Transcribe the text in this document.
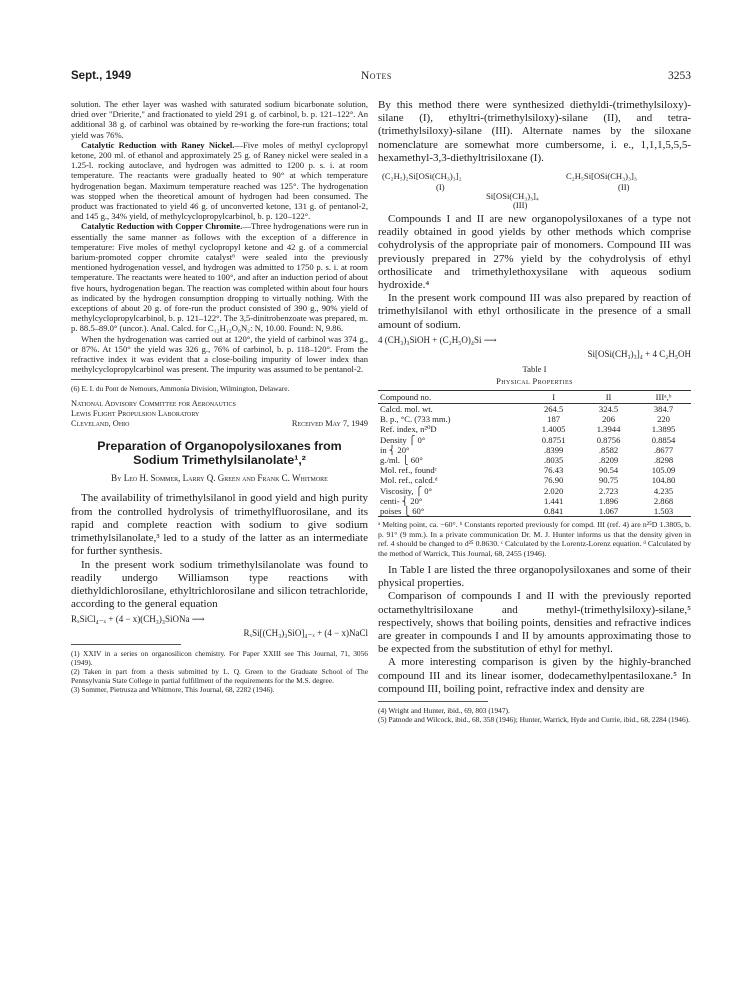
Sept., 1949	Notes	3253

solution. The ether layer was washed with saturated sodium bicarbonate solution, dried over "Drierite," and fractionated to yield 291 g. of carbinol, b. p. 121–122°. An additional 38 g. of carbinol was obtained by re-working the fore-run fractions; total yield was 76%.

Catalytic Reduction with Raney Nickel.—Five moles of methyl cyclopropyl ketone, 200 ml. of ethanol and approximately 25 g. of Raney nickel were sealed in a 1.25-l. rocking autoclave, and hydrogen was admitted to 1200 p. s. i. at room temperature. The reactants were gradually heated to 90° at which temperature hydrogenation began. Maximum temperature reached was 125°. The hydrogenation was stopped when the theoretical amount of hydrogen had been consumed. The product was fractionated to yield 46 g. of unconverted ketone, 131 g. of pentanol-2, and 145 g., 34% yield, of methylcyclopropylcarbinol, b. p. 120–122°.

Catalytic Reduction with Copper Chromite.—Three hydrogenations were run in essentially the same manner as follows with the exception of a difference in temperature: Five moles of methyl cyclopropyl ketone and 42 g. of a commercial barium-promoted copper chromite catalyst⁶ were sealed into the previously mentioned hydrogenation vessel, and hydrogen was admitted to 1750 p. s. i. at room temperature. The reactants were heated to 100°, and after an induction period of about five hours, hydrogenation began. The reaction was completed within about four hours as indicated by the hydrogen consumption dropping to virtually nothing. With the exceptions of about 20 g. of fore-run the product consisted of 390 g., 90% yield of methylcyclopropylcarbinol, b. p. 121–122°. The 3,5-dinitrobenzoate was prepared, m. p. 88.5–89.0° (uncor.). Anal. Calcd. for C₁₂H₁₂O₆N₂: N, 10.00. Found: N, 9.86.

When the hydrogenation was carried out at 120°, the yield of carbinol was 374 g., or 87%. At 150° the yield was 326 g., 76% of carbinol, b. p. 118–120°. From the refractive index it was evident that a close-boiling impurity of lower index than methylcyclopropylcarbinol was present. The impurity was assumed to be pentanol-2.

(6) E. I. du Pont de Nemours, Ammonia Division, Wilmington, Delaware.

National Advisory Committee for Aeronautics

Lewis Flight Propulsion Laboratory

Cleveland, Ohio	Received May 7, 1949
Preparation of Organopolysiloxanes from Sodium Trimethylsilanolate¹,²
By Leo H. Sommer, Larry Q. Green and Frank C. Whitmore

The availability of trimethylsilanol in good yield and high purity from the controlled hydrolysis of trimethylfluorosilane, and its rapid and complete reaction with sodium to give sodium trimethylsilanolate,³ led to a study of the latter as an intermediate for further synthesis.

In the present work sodium trimethylsilanolate was found to readily undergo Williamson type reactions with diethyldichlorosilane, ethyltrichlorosilane and silicon tetrachloride, according to the general equation

RₓSiCl₄₋ₓ + (4 − x)(CH₃)₃SiONa ⟶

RₓSi[(CH₃)₃SiO]₄₋ₓ + (4 − x)NaCl

(1) XXIV in a series on organosilicon chemistry. For Paper XXIII see This Journal, 71, 3056 (1949).

(2) Taken in part from a thesis submitted by L. Q. Green to the Graduate School of The Pennsylvania State College in partial fulfillment of the requirements for the M.S. degree.

(3) Sommer, Pietrusza and Whitmore, This Journal, 68, 2282 (1946).

By this method there were synthesized diethyldi-(trimethylsiloxy)-silane (I), ethyltri-(trimethylsiloxy)-silane (II), and tetra-(trimethylsiloxy)-silane (III). Alternate names by the siloxane nomenclature are somewhat more cumbersome, i. e., 1,1,1,5,5,5-hexamethyl-3,3-diethyltrisiloxane (I).

(C₂H₅)₂Si[OSi(CH₃)₃]₂
(I)
C₂H₅Si[OSi(CH₃)₃]₃
(II)
Si[OSi(CH₃)₃]₄
(III)

Compounds I and II are new organopolysiloxanes of a type not readily obtained in good yields by other methods which comprise cohydrolysis of the appropriate pair of monomers. Compound III was previously prepared in 27% yield by the cohydrolysis of ethyl orthosilicate and trimethylethoxysilane with aqueous sodium hydroxide.⁴

In the present work compound III was also prepared by reaction of trimethylsilanol with ethyl orthosilicate in the presence of a small amount of sodium.

4 (CH₃)₃SiOH + (C₂H₅O)₄Si ⟶

Si[OSi(CH₃)₃]₄ + 4 C₂H₅OH

Table I
Physical Properties
Compound no.	I	II	IIIᵃ,ᵇ
Calcd. mol. wt.	264.5	324.5	384.7
B. p., °C. (733 mm.)	187	206	220
Ref. index, n²⁰D	1.4005	1.3944	1.3895
Density ⎧ 0°	0.8751	0.8756	0.8854
in ⎨ 20°	.8399	.8582	.8677
g./ml. ⎩ 60°	.8035	.8209	.8298
Mol. ref., foundᶜ	76.43	90.54	105.09
Mol. ref., calcd.ᵈ	76.90	90.75	104.80
Viscosity, ⎧ 0°	2.020	2.723	4.235
centi- ⎨ 20°	1.441	1.896	2.868
poises ⎩ 60°	0.841	1.067	1.503

ᵃ Melting point, ca. −60°. ᵇ Constants reported previously for compd. III (ref. 4) are n²⁵D 1.3805, b. p. 91° (9 mm.). In a private communication Dr. M. J. Hunter informs us that the density given in ref. 4 should be changed to d²⁵ 0.8630. ᶜ Calculated by the Lorentz-Lorenz equation. ᵈ Calculated by the method of Warrick, This Journal, 68, 2455 (1946).

In Table I are listed the three organopolysiloxanes and some of their physical properties.

Comparison of compounds I and II with the previously reported octamethyltrisiloxane and methyl-(trimethylsiloxy)-silane,⁵ respectively, shows that boiling points, densities and refractive indices are greater in compounds I and II by amounts approximating those to be expected from the substitution of ethyl for methyl.

A more interesting comparison is given by the highly-branched compound III and its linear isomer, dodecamethylpentasiloxane.⁵ In compound III, boiling point, refractive index and density are

(4) Wright and Hunter, ibid., 69, 803 (1947).

(5) Patnode and Wilcock, ibid., 68, 358 (1946); Hunter, Warrick, Hyde and Currie, ibid., 68, 2284 (1946).
